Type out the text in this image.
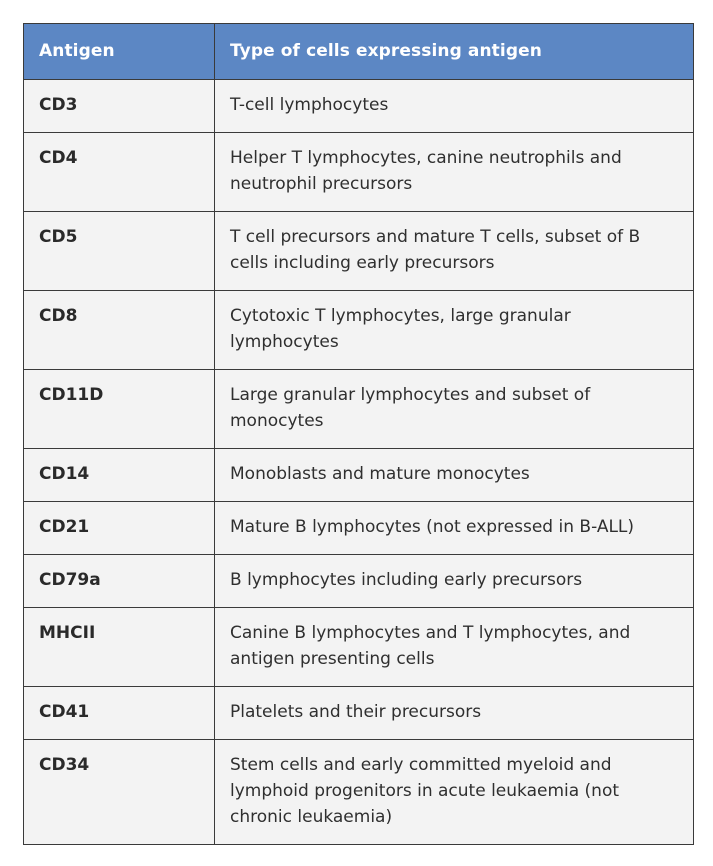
Antigen	Type of cells expressing antigen
CD3	T-cell lymphocytes
CD4	Helper T lymphocytes, canine neutrophils and neutrophil precursors
CD5	T cell precursors and mature T cells, subset of B cells including early precursors
CD8	Cytotoxic T lymphocytes, large granular lymphocytes
CD11D	Large granular lymphocytes and subset of monocytes
CD14	Monoblasts and mature monocytes
CD21	Mature B lymphocytes (not expressed in B-ALL)
CD79a	B lymphocytes including early precursors
MHCII	Canine B lymphocytes and T lymphocytes, and antigen presenting cells
CD41	Platelets and their precursors
CD34	Stem cells and early committed myeloid and lymphoid progenitors in acute leukaemia (not chronic leukaemia)
